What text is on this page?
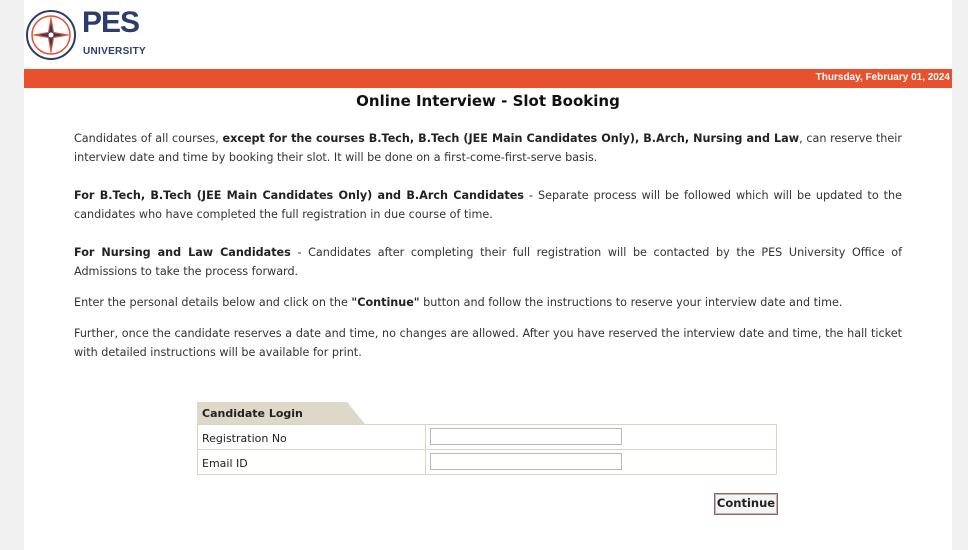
PES
UNIVERSITY
Thursday, February 01, 2024
Online Interview - Slot Booking
Candidates of all courses, except for the courses B.Tech, B.Tech (JEE Main Candidates Only), B.Arch, Nursing and Law, can reserve their interview date and time by booking their slot. It will be done on a first-come-first-serve basis.
For B.Tech, B.Tech (JEE Main Candidates Only) and B.Arch Candidates - Separate process will be followed which will be updated to the candidates who have completed the full registration in due course of time.
For Nursing and Law Candidates - Candidates after completing their full registration will be contacted by the PES University Office of Admissions to take the process forward.
Enter the personal details below and click on the "Continue" button and follow the instructions to reserve your interview date and time.
Further, once the candidate reserves a date and time, no changes are allowed. After you have reserved the interview date and time, the hall ticket with detailed instructions will be available for print.
Candidate Login
Registration No
Email ID
Continue
